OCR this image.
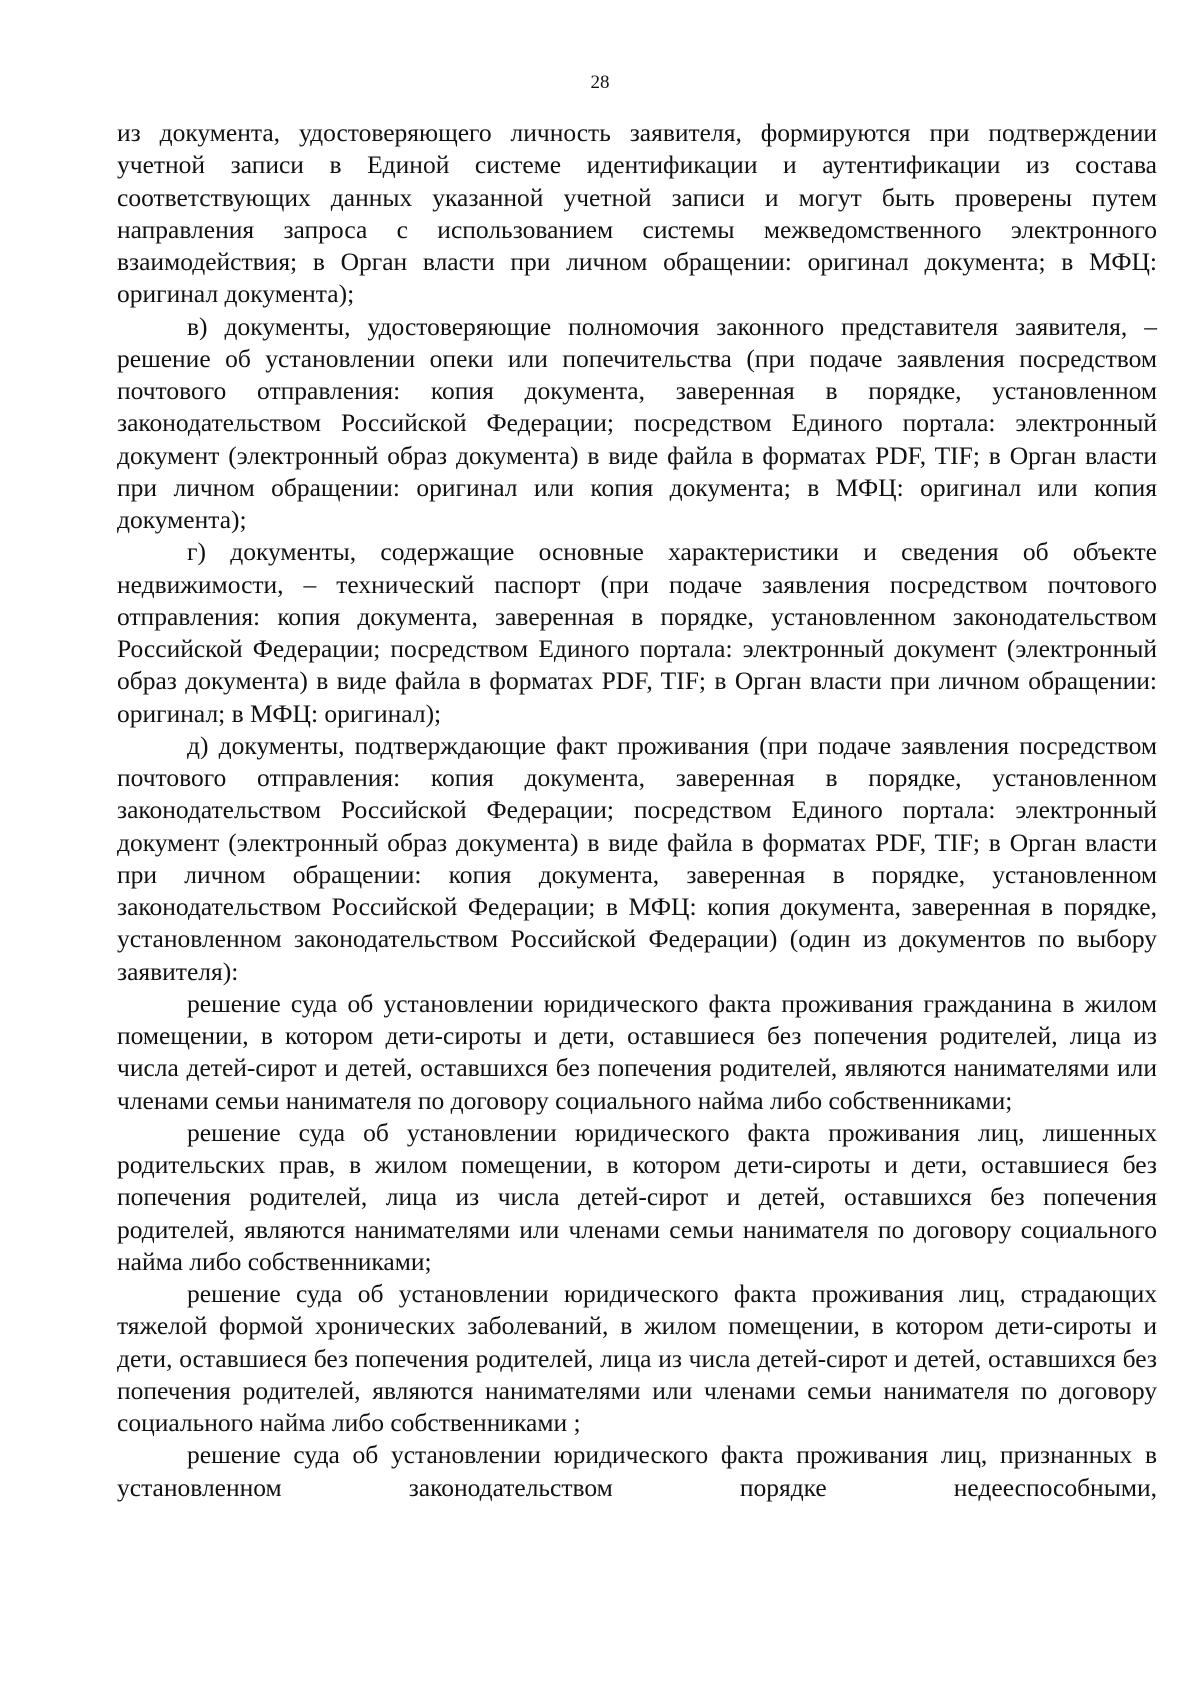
28

из документа, удостоверяющего личность заявителя, формируются при подтверждении учетной записи в Единой системе идентификации и аутентификации из состава соответствующих данных указанной учетной записи и могут быть проверены путем направления запроса с использованием системы межведомственного электронного взаимодействия; в Орган власти при личном обращении: оригинал документа; в МФЦ: оригинал документа);

в) документы, удостоверяющие полномочия законного представителя заявителя, – решение об установлении опеки или попечительства (при подаче заявления посредством почтового отправления: копия документа, заверенная в порядке, установленном законодательством Российской Федерации; посредством Единого портала: электронный документ (электронный образ документа) в виде файла в форматах PDF, TIF; в Орган власти при личном обращении: оригинал или копия документа; в МФЦ: оригинал или копия документа);

г) документы, содержащие основные характеристики и сведения об объекте недвижимости, – технический паспорт (при подаче заявления посредством почтового отправления: копия документа, заверенная в порядке, установленном законодательством Российской Федерации; посредством Единого портала: электронный документ (электронный образ документа) в виде файла в форматах PDF, TIF; в Орган власти при личном обращении: оригинал; в МФЦ: оригинал);

д) документы, подтверждающие факт проживания (при подаче заявления посредством почтового отправления: копия документа, заверенная в порядке, установленном законодательством Российской Федерации; посредством Единого портала: электронный документ (электронный образ документа) в виде файла в форматах PDF, TIF; в Орган власти при личном обращении: копия документа, заверенная в порядке, установленном законодательством Российской Федерации; в МФЦ: копия документа, заверенная в порядке, установленном законодательством Российской Федерации) (один из документов по выбору заявителя):

решение суда об установлении юридического факта проживания гражданина в жилом помещении, в котором дети-сироты и дети, оставшиеся без попечения родителей, лица из числа детей-сирот и детей, оставшихся без попечения родителей, являются нанимателями или членами семьи нанимателя по договору социального найма либо собственниками;

решение суда об установлении юридического факта проживания лиц, лишенных родительских прав, в жилом помещении, в котором дети-сироты и дети, оставшиеся без попечения родителей, лица из числа детей-сирот и детей, оставшихся без попечения родителей, являются нанимателями или членами семьи нанимателя по договору социального найма либо собственниками;

решение суда об установлении юридического факта проживания лиц, страдающих тяжелой формой хронических заболеваний, в жилом помещении, в котором дети-сироты и дети, оставшиеся без попечения родителей, лица из числа детей-сирот и детей, оставшихся без попечения родителей, являются нанимателями или членами семьи нанимателя по договору социального найма либо собственниками ;

решение суда об установлении юридического факта проживания лиц, признанных в установленном законодательством порядке недееспособными,
